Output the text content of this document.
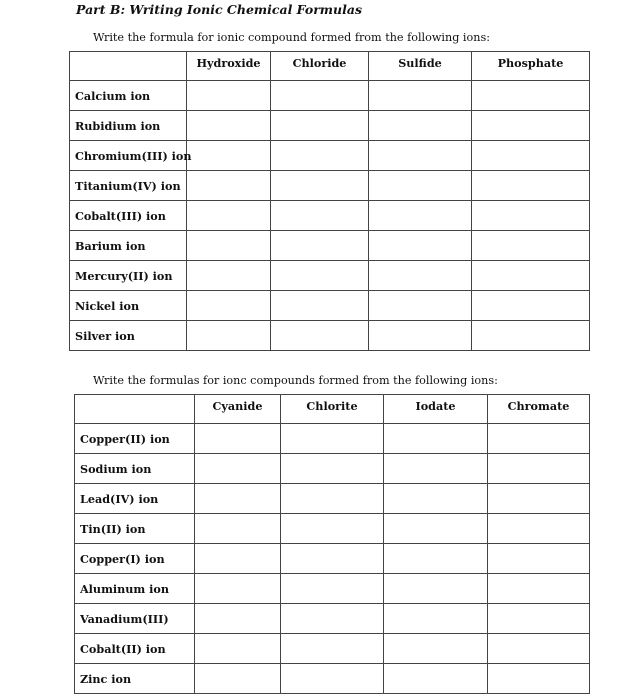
Part B: Writing Ionic Chemical Formulas

Write the formula for ionic compound formed from the following ions:

	Hydroxide	Chloride	Sulfide	Phosphate
Calcium ion				
Rubidium ion				
Chromium(III) ion				
Titanium(IV) ion				
Cobalt(III) ion				
Barium ion				
Mercury(II) ion				
Nickel ion				
Silver ion				

Write the formulas for ionc compounds formed from the following ions:

	Cyanide	Chlorite	Iodate	Chromate
Copper(II) ion				
Sodium ion				
Lead(IV) ion				
Tin(II) ion				
Copper(I) ion				
Aluminum ion				
Vanadium(III)				
Cobalt(II) ion				
Zinc ion				
